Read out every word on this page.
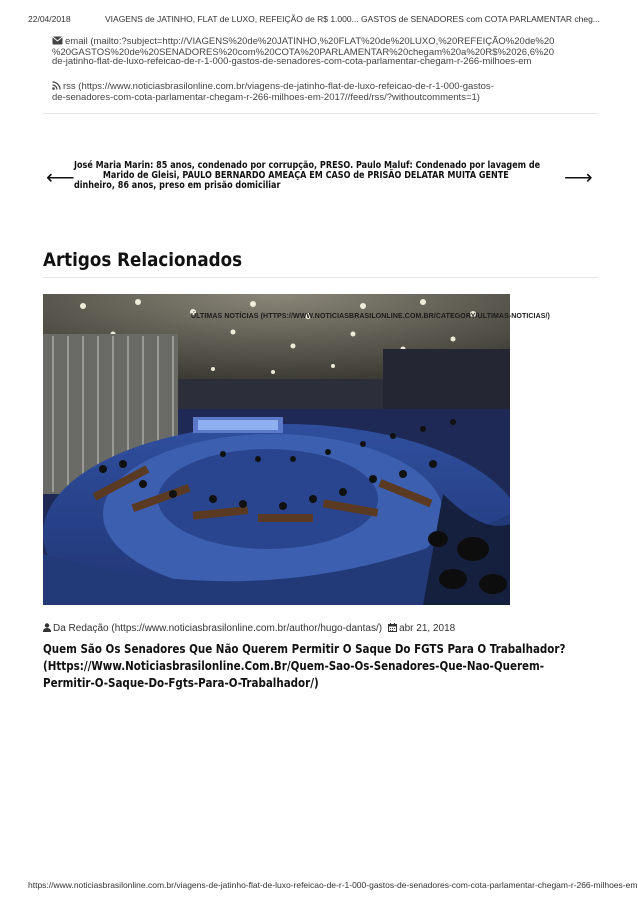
22/04/2018	VIAGENS de JATINHO, FLAT de LUXO, REFEIÇÃO de R$ 1.000... GASTOS de SENADORES com COTA PARLAMENTAR cheg...
email (mailto:?subject=http://VIAGENS%20de%20JATINHO,%20FLAT%20de%20LUXO,%20REFEIÇÃO%20de%20
%20GASTOS%20de%20SENADORES%20com%20COTA%20PARLAMENTAR%20chegam%20a%20R$%2026,6%20
de-jatinho-flat-de-luxo-refeicao-de-r-1-000-gastos-de-senadores-com-cota-parlamentar-chegam-r-266-milhoes-em
rss (https://www.noticiasbrasilonline.com.br/viagens-de-jatinho-flat-de-luxo-refeicao-de-r-1-000-gastos-
de-senadores-com-cota-parlamentar-chegam-r-266-milhoes-em-2017//feed/rss/?withoutcomments=1)
⟵
José Maria Marin: 85 anos, condenado por corrupção, PRESO. Paulo Maluf: Condenado por lavagem de
Marido de Gleisi, PAULO BERNARDO AMEAÇA EM CASO de PRISÃO DELATAR MUITA GENTE
dinheiro, 86 anos, preso em prisão domiciliar	⟶
Artigos Relacionados
ÚLTIMAS NOTÍCIAS (HTTPS://WWW.NOTICIASBRASILONLINE.COM.BR/CATEGORY/ULTIMAS-NOTICIAS/)
Da Redação (https://www.noticiasbrasilonline.com.br/author/hugo-dantas/) abr 21, 2018
Quem São Os Senadores Que Não Querem Permitir O Saque Do FGTS Para O Trabalhador?
(Https://Www.Noticiasbrasilonline.Com.Br/Quem-Sao-Os-Senadores-Que-Nao-Querem-
Permitir-O-Saque-Do-Fgts-Para-O-Trabalhador/)
https://www.noticiasbrasilonline.com.br/viagens-de-jatinho-flat-de-luxo-refeicao-de-r-1-000-gastos-de-senadores-com-cota-parlamentar-chegam-r-266-milhoes-em
